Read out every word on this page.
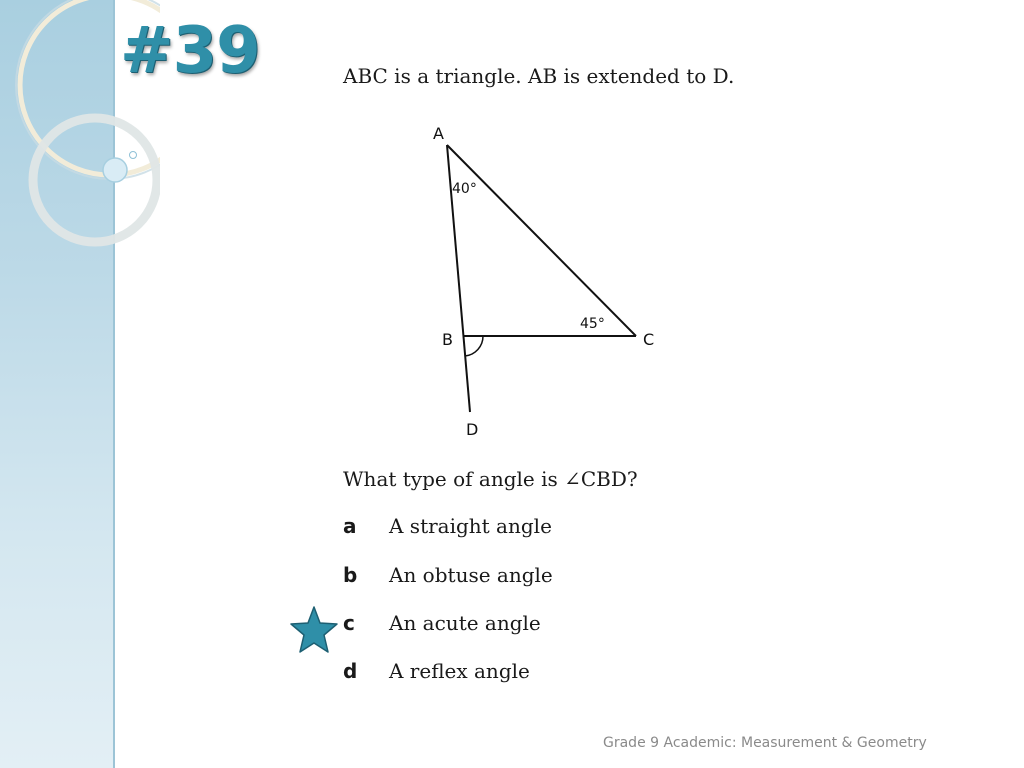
#39	ABC is a triangle. AB is extended to D.
A
B	C
D
40°
45°
What type of angle is ∠CBD?
a A straight angle
b An obtuse angle
c An acute angle
d A reflex angle
Grade 9 Academic: Measurement & Geometry
